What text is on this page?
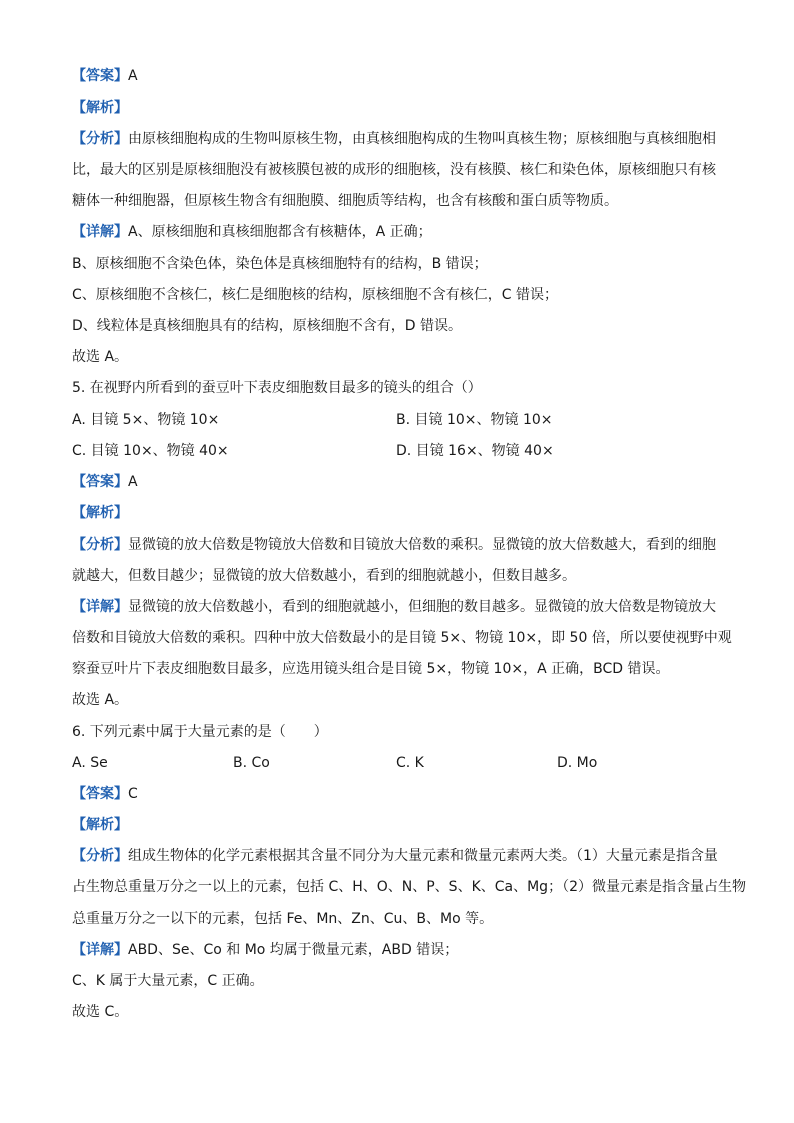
【答案】A
【解析】
【分析】由原核细胞构成的生物叫原核生物，由真核细胞构成的生物叫真核生物；原核细胞与真核细胞相
比，最大的区别是原核细胞没有被核膜包被的成形的细胞核，没有核膜、核仁和染色体，原核细胞只有核
糖体一种细胞器，但原核生物含有细胞膜、细胞质等结构，也含有核酸和蛋白质等物质。
【详解】A、原核细胞和真核细胞都含有核糖体，A 正确；
B、原核细胞不含染色体，染色体是真核细胞特有的结构，B 错误；
C、原核细胞不含核仁，核仁是细胞核的结构，原核细胞不含有核仁，C 错误；
D、线粒体是真核细胞具有的结构，原核细胞不含有，D 错误。
故选 A。
5. 在视野内所看到的蚕豆叶下表皮细胞数目最多的镜头的组合（）
A. 目镜 5×、物镜 10×	B. 目镜 10×、物镜 10×
C. 目镜 10×、物镜 40×	D. 目镜 16×、物镜 40×
【答案】A
【解析】
【分析】显微镜的放大倍数是物镜放大倍数和目镜放大倍数的乘积。显微镜的放大倍数越大，看到的细胞
就越大，但数目越少；显微镜的放大倍数越小，看到的细胞就越小，但数目越多。
【详解】显微镜的放大倍数越小，看到的细胞就越小，但细胞的数目越多。显微镜的放大倍数是物镜放大
倍数和目镜放大倍数的乘积。四种中放大倍数最小的是目镜 5×、物镜 10×，即 50 倍，所以要使视野中观
察蚕豆叶片下表皮细胞数目最多，应选用镜头组合是目镜 5×，物镜 10×，A 正确，BCD 错误。
故选 A。
6. 下列元素中属于大量元素的是（　　）
A. Se	B. Co	C. K	D. Mo
【答案】C
【解析】
【分析】组成生物体的化学元素根据其含量不同分为大量元素和微量元素两大类。（1）大量元素是指含量
占生物总重量万分之一以上的元素，包括 C、H、O、N、P、S、K、Ca、Mg；（2）微量元素是指含量占生物
总重量万分之一以下的元素，包括 Fe、Mn、Zn、Cu、B、Mo 等。
【详解】ABD、Se、Co 和 Mo 均属于微量元素，ABD 错误；
C、K 属于大量元素，C 正确。
故选 C。
